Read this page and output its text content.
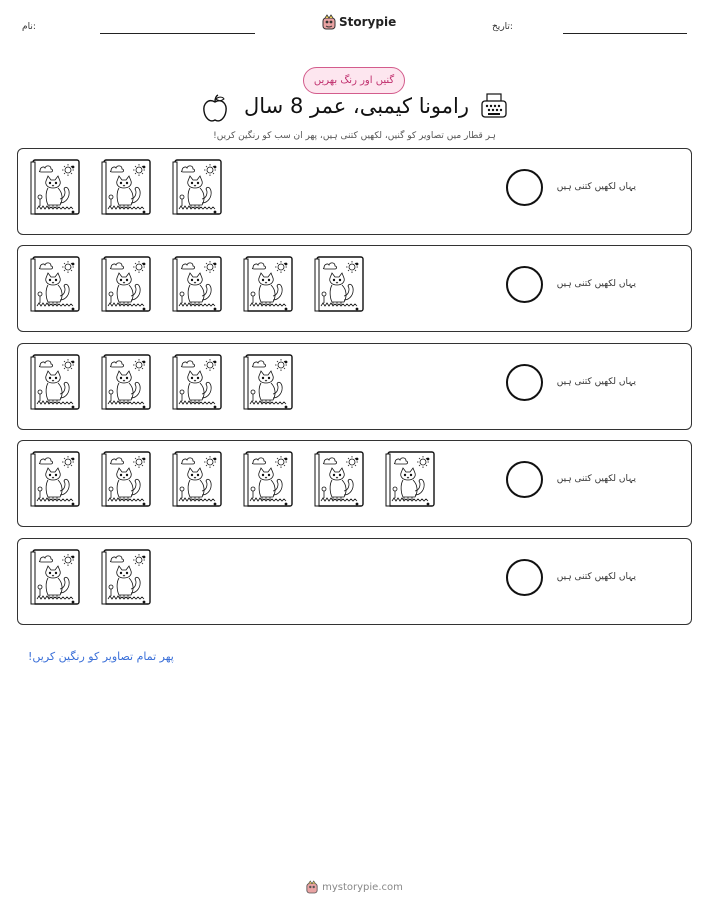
نام:	Storypie	تاریخ:
گنیں اور رنگ بھریں
رامونا کیمبی، عمر 8 سال
ہر قطار میں تصاویر کو گنیں، لکھیں کتنی ہیں، پھر ان سب کو رنگین کریں!
یہاں لکھیں کتنی ہیں
یہاں لکھیں کتنی ہیں
یہاں لکھیں کتنی ہیں
یہاں لکھیں کتنی ہیں
یہاں لکھیں کتنی ہیں
پھر تمام تصاویر کو رنگین کریں!
mystorypie.com
